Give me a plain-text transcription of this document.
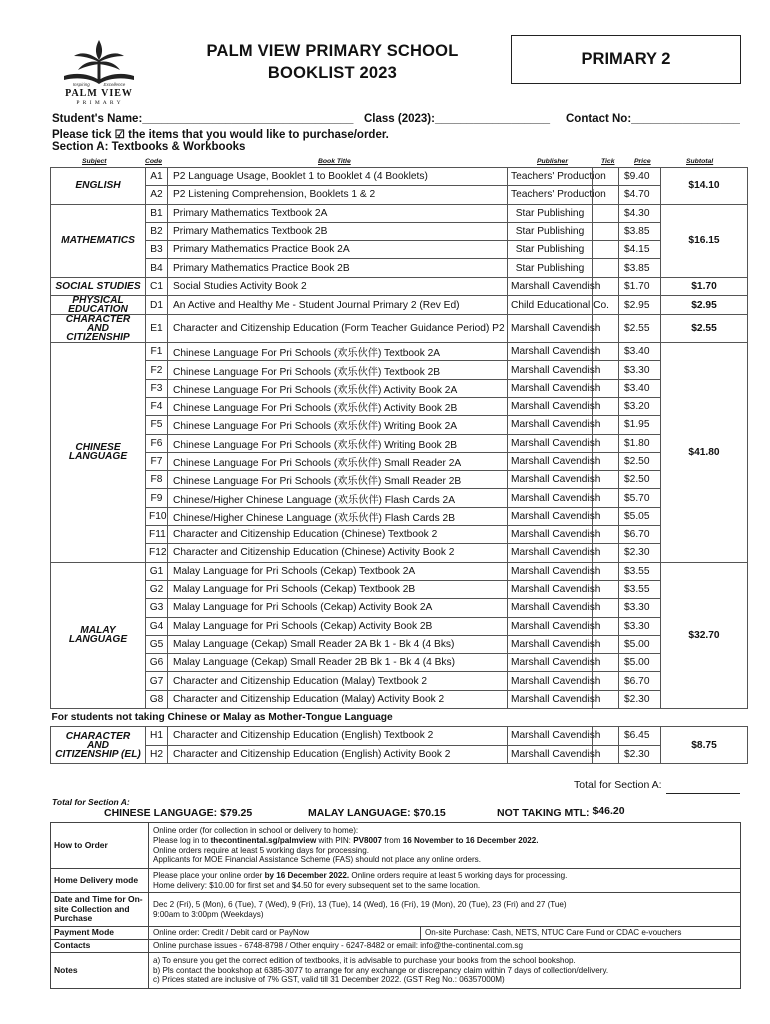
Inspiring	Excellence
PALM VIEW
P R I M A R Y
PALM VIEW PRIMARY SCHOOL
BOOKLIST 2023
PRIMARY 2
Student's Name:_________________________________ Class (2023):__________________ Contact No:_________________
Please tick ☑ the items that you would like to purchase/order.
Section A: Textbooks & Workbooks
Subject	Code	Book Title	Publisher	Tick	Price	Subtotal
ENGLISH	A1	P2 Language Usage, Booklet 1 to Booklet 4 (4 Booklets)	Teachers' Production		$9.40	$14.10
	A2	P2 Listening Comprehension, Booklets 1 & 2	Teachers' Production		$4.70	
MATHEMATICS	B1	Primary Mathematics Textbook 2A	Star Publishing		$4.30	$16.15
	B2	Primary Mathematics Textbook 2B	Star Publishing		$3.85	
	B3	Primary Mathematics Practice Book 2A	Star Publishing		$4.15	
	B4	Primary Mathematics Practice Book 2B	Star Publishing		$3.85	
SOCIAL STUDIES	C1	Social Studies Activity Book 2	Marshall Cavendish		$1.70	$1.70
PHYSICAL EDUCATION	D1	An Active and Healthy Me - Student Journal Primary 2 (Rev Ed)	Child Educational Co.		$2.95	$2.95
CHARACTER AND CITIZENSHIP	E1	Character and Citizenship Education (Form Teacher Guidance Period) P2	Marshall Cavendish		$2.55	$2.55
CHINESE LANGUAGE	F1	Chinese Language For Pri Schools (欢乐伙伴) Textbook 2A	Marshall Cavendish		$3.40	$41.80
	F2	Chinese Language For Pri Schools (欢乐伙伴) Textbook 2B	Marshall Cavendish		$3.30	
	F3	Chinese Language For Pri Schools (欢乐伙伴) Activity Book 2A	Marshall Cavendish		$3.40	
	F4	Chinese Language For Pri Schools (欢乐伙伴) Activity Book 2B	Marshall Cavendish		$3.20	
	F5	Chinese Language For Pri Schools (欢乐伙伴) Writing Book 2A	Marshall Cavendish		$1.95	
	F6	Chinese Language For Pri Schools (欢乐伙伴) Writing Book 2B	Marshall Cavendish		$1.80	
	F7	Chinese Language For Pri Schools (欢乐伙伴) Small Reader 2A	Marshall Cavendish		$2.50	
	F8	Chinese Language For Pri Schools (欢乐伙伴) Small Reader 2B	Marshall Cavendish		$2.50	
	F9	Chinese/Higher Chinese Language (欢乐伙伴) Flash Cards 2A	Marshall Cavendish		$5.70	
	F10	Chinese/Higher Chinese Language (欢乐伙伴) Flash Cards 2B	Marshall Cavendish		$5.05	
	F11	Character and Citizenship Education (Chinese) Textbook 2	Marshall Cavendish		$6.70	
	F12	Character and Citizenship Education (Chinese) Activity Book 2	Marshall Cavendish		$2.30	
MALAY LANGUAGE	G1	Malay Language for Pri Schools (Cekap) Textbook 2A	Marshall Cavendish		$3.55	$32.70
	G2	Malay Language for Pri Schools (Cekap) Textbook 2B	Marshall Cavendish		$3.55	
	G3	Malay Language for Pri Schools (Cekap) Activity Book 2A	Marshall Cavendish		$3.30	
	G4	Malay Language for Pri Schools (Cekap) Activity Book 2B	Marshall Cavendish		$3.30	
	G5	Malay Language (Cekap) Small Reader 2A Bk 1 - Bk 4 (4 Bks)	Marshall Cavendish		$5.00	
	G6	Malay Language (Cekap) Small Reader 2B Bk 1 - Bk 4 (4 Bks)	Marshall Cavendish		$5.00	
	G7	Character and Citizenship Education (Malay) Textbook 2	Marshall Cavendish		$6.70	
	G8	Character and Citizenship Education (Malay) Activity Book 2	Marshall Cavendish		$2.30	
For students not taking Chinese or Malay as Mother-Tongue Language						
CHARACTER AND CITIZENSHIP (EL)	H1	Character and Citizenship Education (English) Textbook 2	Marshall Cavendish		$6.45	$8.75
	H2	Character and Citizenship Education (English) Activity Book 2	Marshall Cavendish		$2.30	
Total for Section A:
Total for Section A:
CHINESE LANGUAGE: $79.25	MALAY LANGUAGE: $70.15	NOT TAKING MTL: $46.20
How to Order	Online order (for collection in school or delivery to home):
Please log in to thecontinental.sg/palmview with PIN: PV8007 from 16 November to 16 December 2022.
Online orders require at least 5 working days for processing.
Applicants for MOE Financial Assistance Scheme (FAS) should not place any online orders.	

Home Delivery mode	Please place your online order by 16 December 2022. Online orders require at least 5 working days for processing.
Home delivery: $10.00 for first set and $4.50 for every subsequent set to the same location.	

Date and Time for On-site Collection and Purchase	Dec 2 (Fri), 5 (Mon), 6 (Tue), 7 (Wed), 9 (Fri), 13 (Tue), 14 (Wed), 16 (Fri), 19 (Mon), 20 (Tue), 23 (Fri) and 27 (Tue)
9:00am to 3:00pm (Weekdays)	

Payment Mode	Online order: Credit / Debit card or PayNow	On-site Purchase: Cash, NETS, NTUC Care Fund or CDAC e-vouchers
Contacts	Online purchase issues - 6748-8798 / Other enquiry - 6247-8482 or email: info@the-continental.com.sg	
Notes	a) To ensure you get the correct edition of textbooks, it is advisable to purchase your books from the school bookshop.
b) Pls contact the bookshop at 6385-3077 to arrange for any exchange or discrepancy claim within 7 days of collection/delivery.
c) Prices stated are inclusive of 7% GST, valid till 31 December 2022. (GST Reg No.: 06357000M)	
